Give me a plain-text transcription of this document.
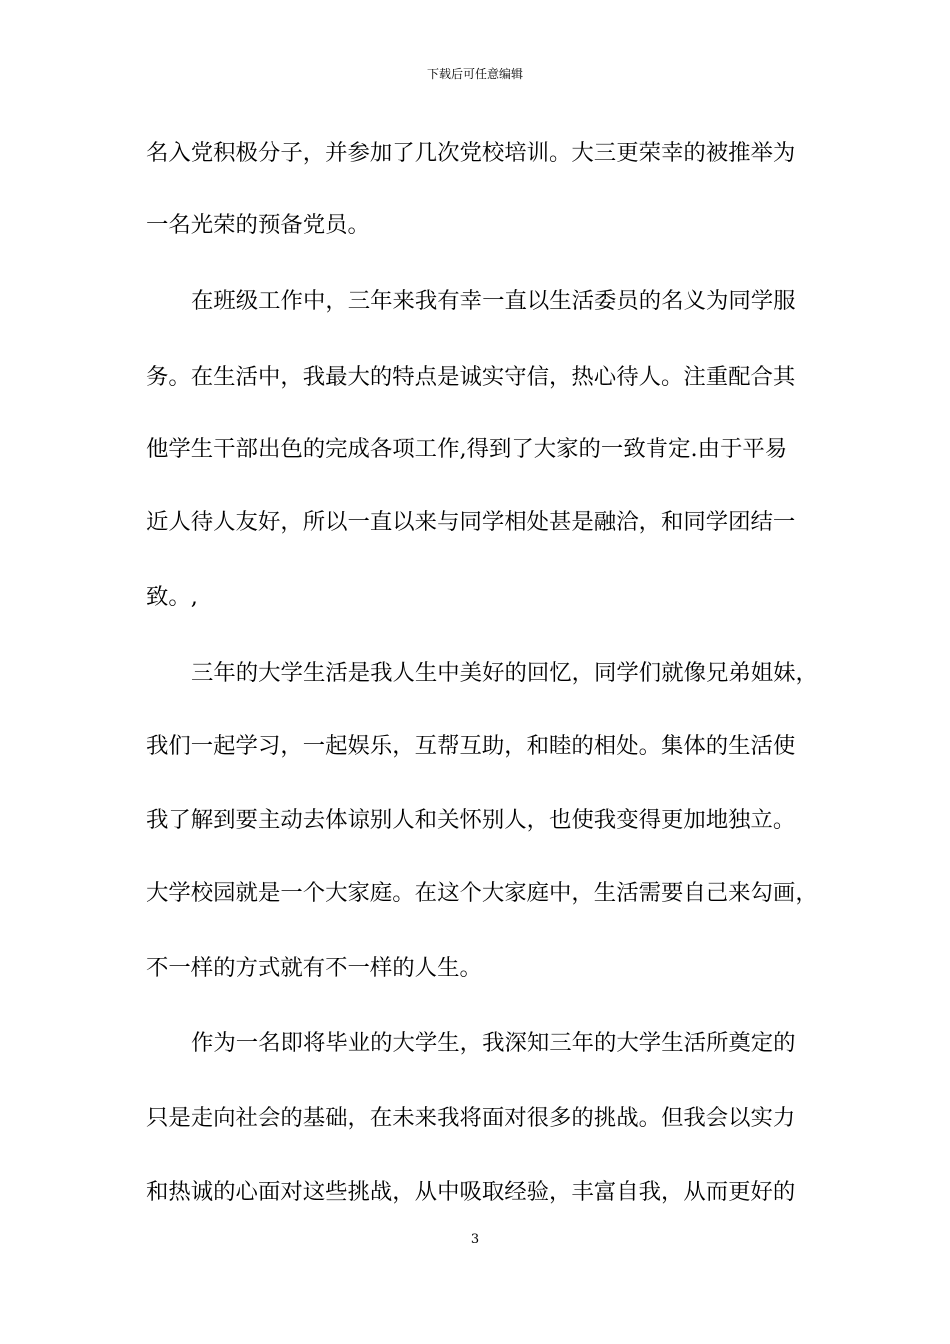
下载后可任意编辑
名入党积极分子，并参加了几次党校培训。大三更荣幸的被推举为
一名光荣的预备党员。
在班级工作中，三年来我有幸一直以生活委员的名义为同学服
务。在生活中，我最大的特点是诚实守信，热心待人。注重配合其
他学生干部出色的完成各项工作,得到了大家的一致肯定.由于平易
近人待人友好，所以一直以来与同学相处甚是融洽，和同学团结一
致。,
三年的大学生活是我人生中美好的回忆，同学们就像兄弟姐妹，
我们一起学习，一起娱乐，互帮互助，和睦的相处。集体的生活使
我了解到要主动去体谅别人和关怀别人，也使我变得更加地独立。
大学校园就是一个大家庭。在这个大家庭中，生活需要自己来勾画，
不一样的方式就有不一样的人生。
作为一名即将毕业的大学生，我深知三年的大学生活所奠定的
只是走向社会的基础，在未来我将面对很多的挑战。但我会以实力
和热诚的心面对这些挑战，从中吸取经验，丰富自我，从而更好的
3
